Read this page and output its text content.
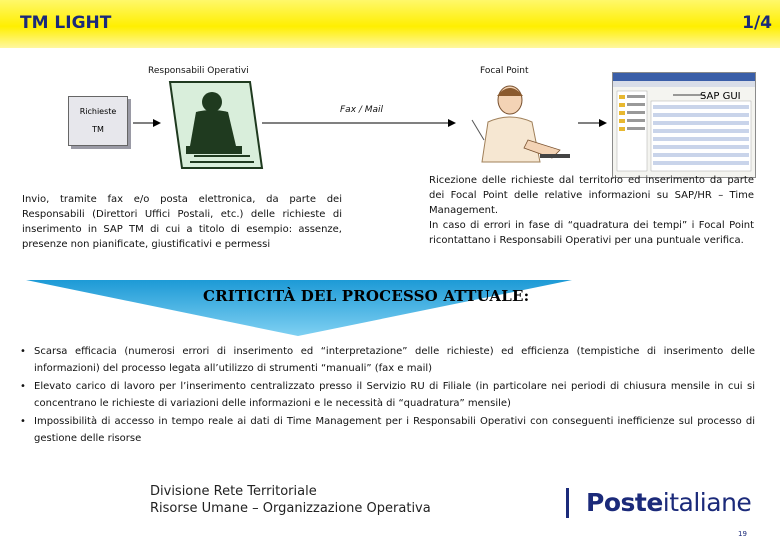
TM LIGHT	1/4
Responsabili Operativi	Focal Point
Richieste
TM
Fax / Mail
SAP GUI
Invio, tramite fax e/o posta elettronica, da parte dei Responsabili (Direttori Uffici Postali, etc.) delle richieste di inserimento in SAP TM di cui a titolo di esempio: assenze, presenze non pianificate, giustificativi e permessi
Ricezione delle richieste dal territorio ed inserimento da parte dei Focal Point delle relative informazioni su SAP/HR – Time Management.
In caso di errori in fase di “quadratura dei tempi” i Focal Point ricontattano i Responsabili Operativi per una puntuale verifica.
CRITICITÀ DEL PROCESSO ATTUALE:
• Scarsa efficacia (numerosi errori di inserimento ed “interpretazione” delle richieste) ed efficienza (tempistiche di inserimento delle informazioni) del processo legata all’utilizzo di strumenti “manuali” (fax e mail)
• Elevato carico di lavoro per l’inserimento centralizzato presso il Servizio RU di Filiale (in particolare nei periodi di chiusura mensile in cui si concentrano le richieste di variazioni delle informazioni e le necessità di “quadratura” mensile)
• Impossibilità di accesso in tempo reale ai dati di Time Management per i Responsabili Operativi con conseguenti inefficienze sul processo di gestione delle risorse
Divisione Rete Territoriale
Risorse Umane – Organizzazione Operativa	Posteitaliane
19
